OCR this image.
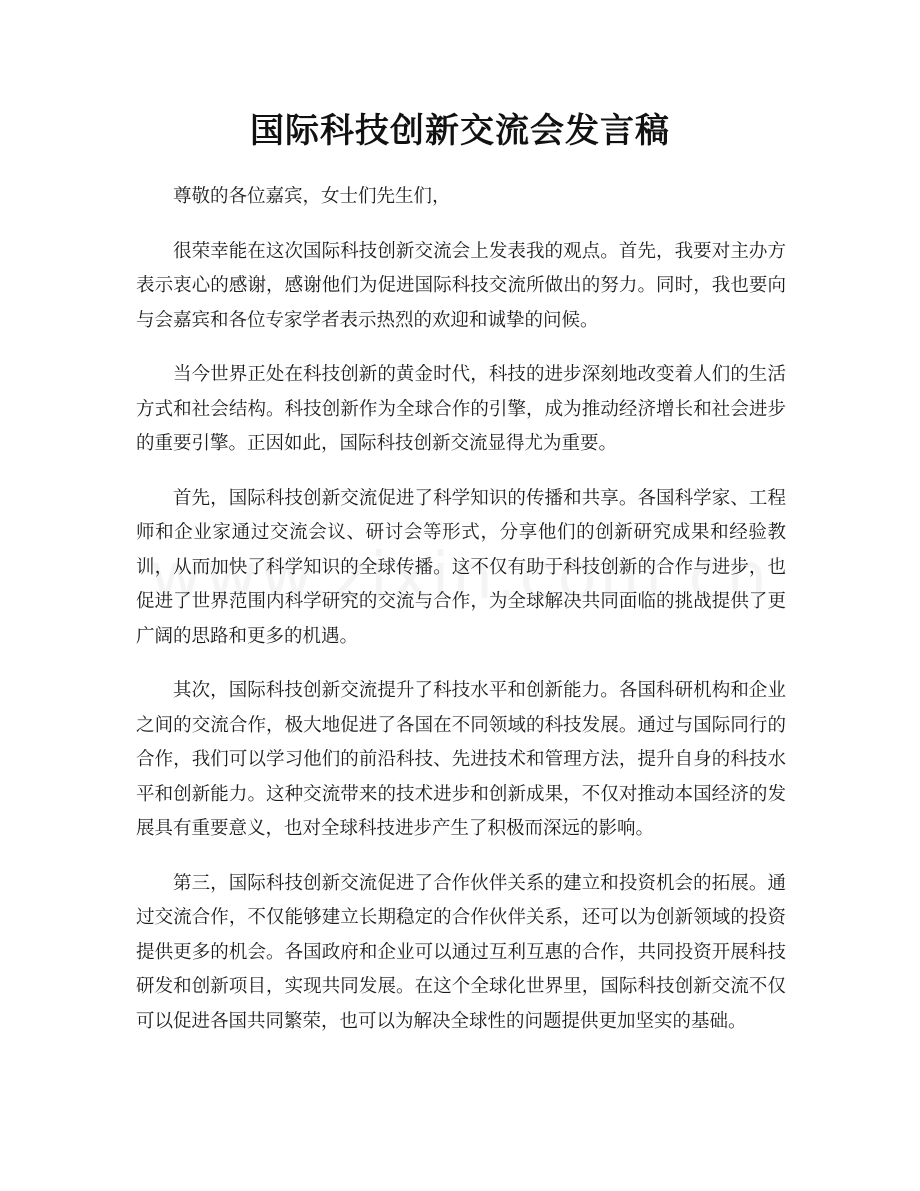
国际科技创新交流会发言稿

尊敬的各位嘉宾，女士们先生们，

很荣幸能在这次国际科技创新交流会上发表我的观点。首先，我要对主办方表示衷心的感谢，感谢他们为促进国际科技交流所做出的努力。同时，我也要向与会嘉宾和各位专家学者表示热烈的欢迎和诚挚的问候。

当今世界正处在科技创新的黄金时代，科技的进步深刻地改变着人们的生活方式和社会结构。科技创新作为全球合作的引擎，成为推动经济增长和社会进步的重要引擎。正因如此，国际科技创新交流显得尤为重要。

首先，国际科技创新交流促进了科学知识的传播和共享。各国科学家、工程师和企业家通过交流会议、研讨会等形式，分享他们的创新研究成果和经验教训，从而加快了科学知识的全球传播。这不仅有助于科技创新的合作与进步，也促进了世界范围内科学研究的交流与合作，为全球解决共同面临的挑战提供了更广阔的思路和更多的机遇。

其次，国际科技创新交流提升了科技水平和创新能力。各国科研机构和企业之间的交流合作，极大地促进了各国在不同领域的科技发展。通过与国际同行的合作，我们可以学习他们的前沿科技、先进技术和管理方法，提升自身的科技水平和创新能力。这种交流带来的技术进步和创新成果，不仅对推动本国经济的发展具有重要意义，也对全球科技进步产生了积极而深远的影响。

第三，国际科技创新交流促进了合作伙伴关系的建立和投资机会的拓展。通过交流合作，不仅能够建立长期稳定的合作伙伴关系，还可以为创新领域的投资提供更多的机会。各国政府和企业可以通过互利互惠的合作，共同投资开展科技研发和创新项目，实现共同发展。在这个全球化世界里，国际科技创新交流不仅可以促进各国共同繁荣，也可以为解决全球性的问题提供更加坚实的基础。
